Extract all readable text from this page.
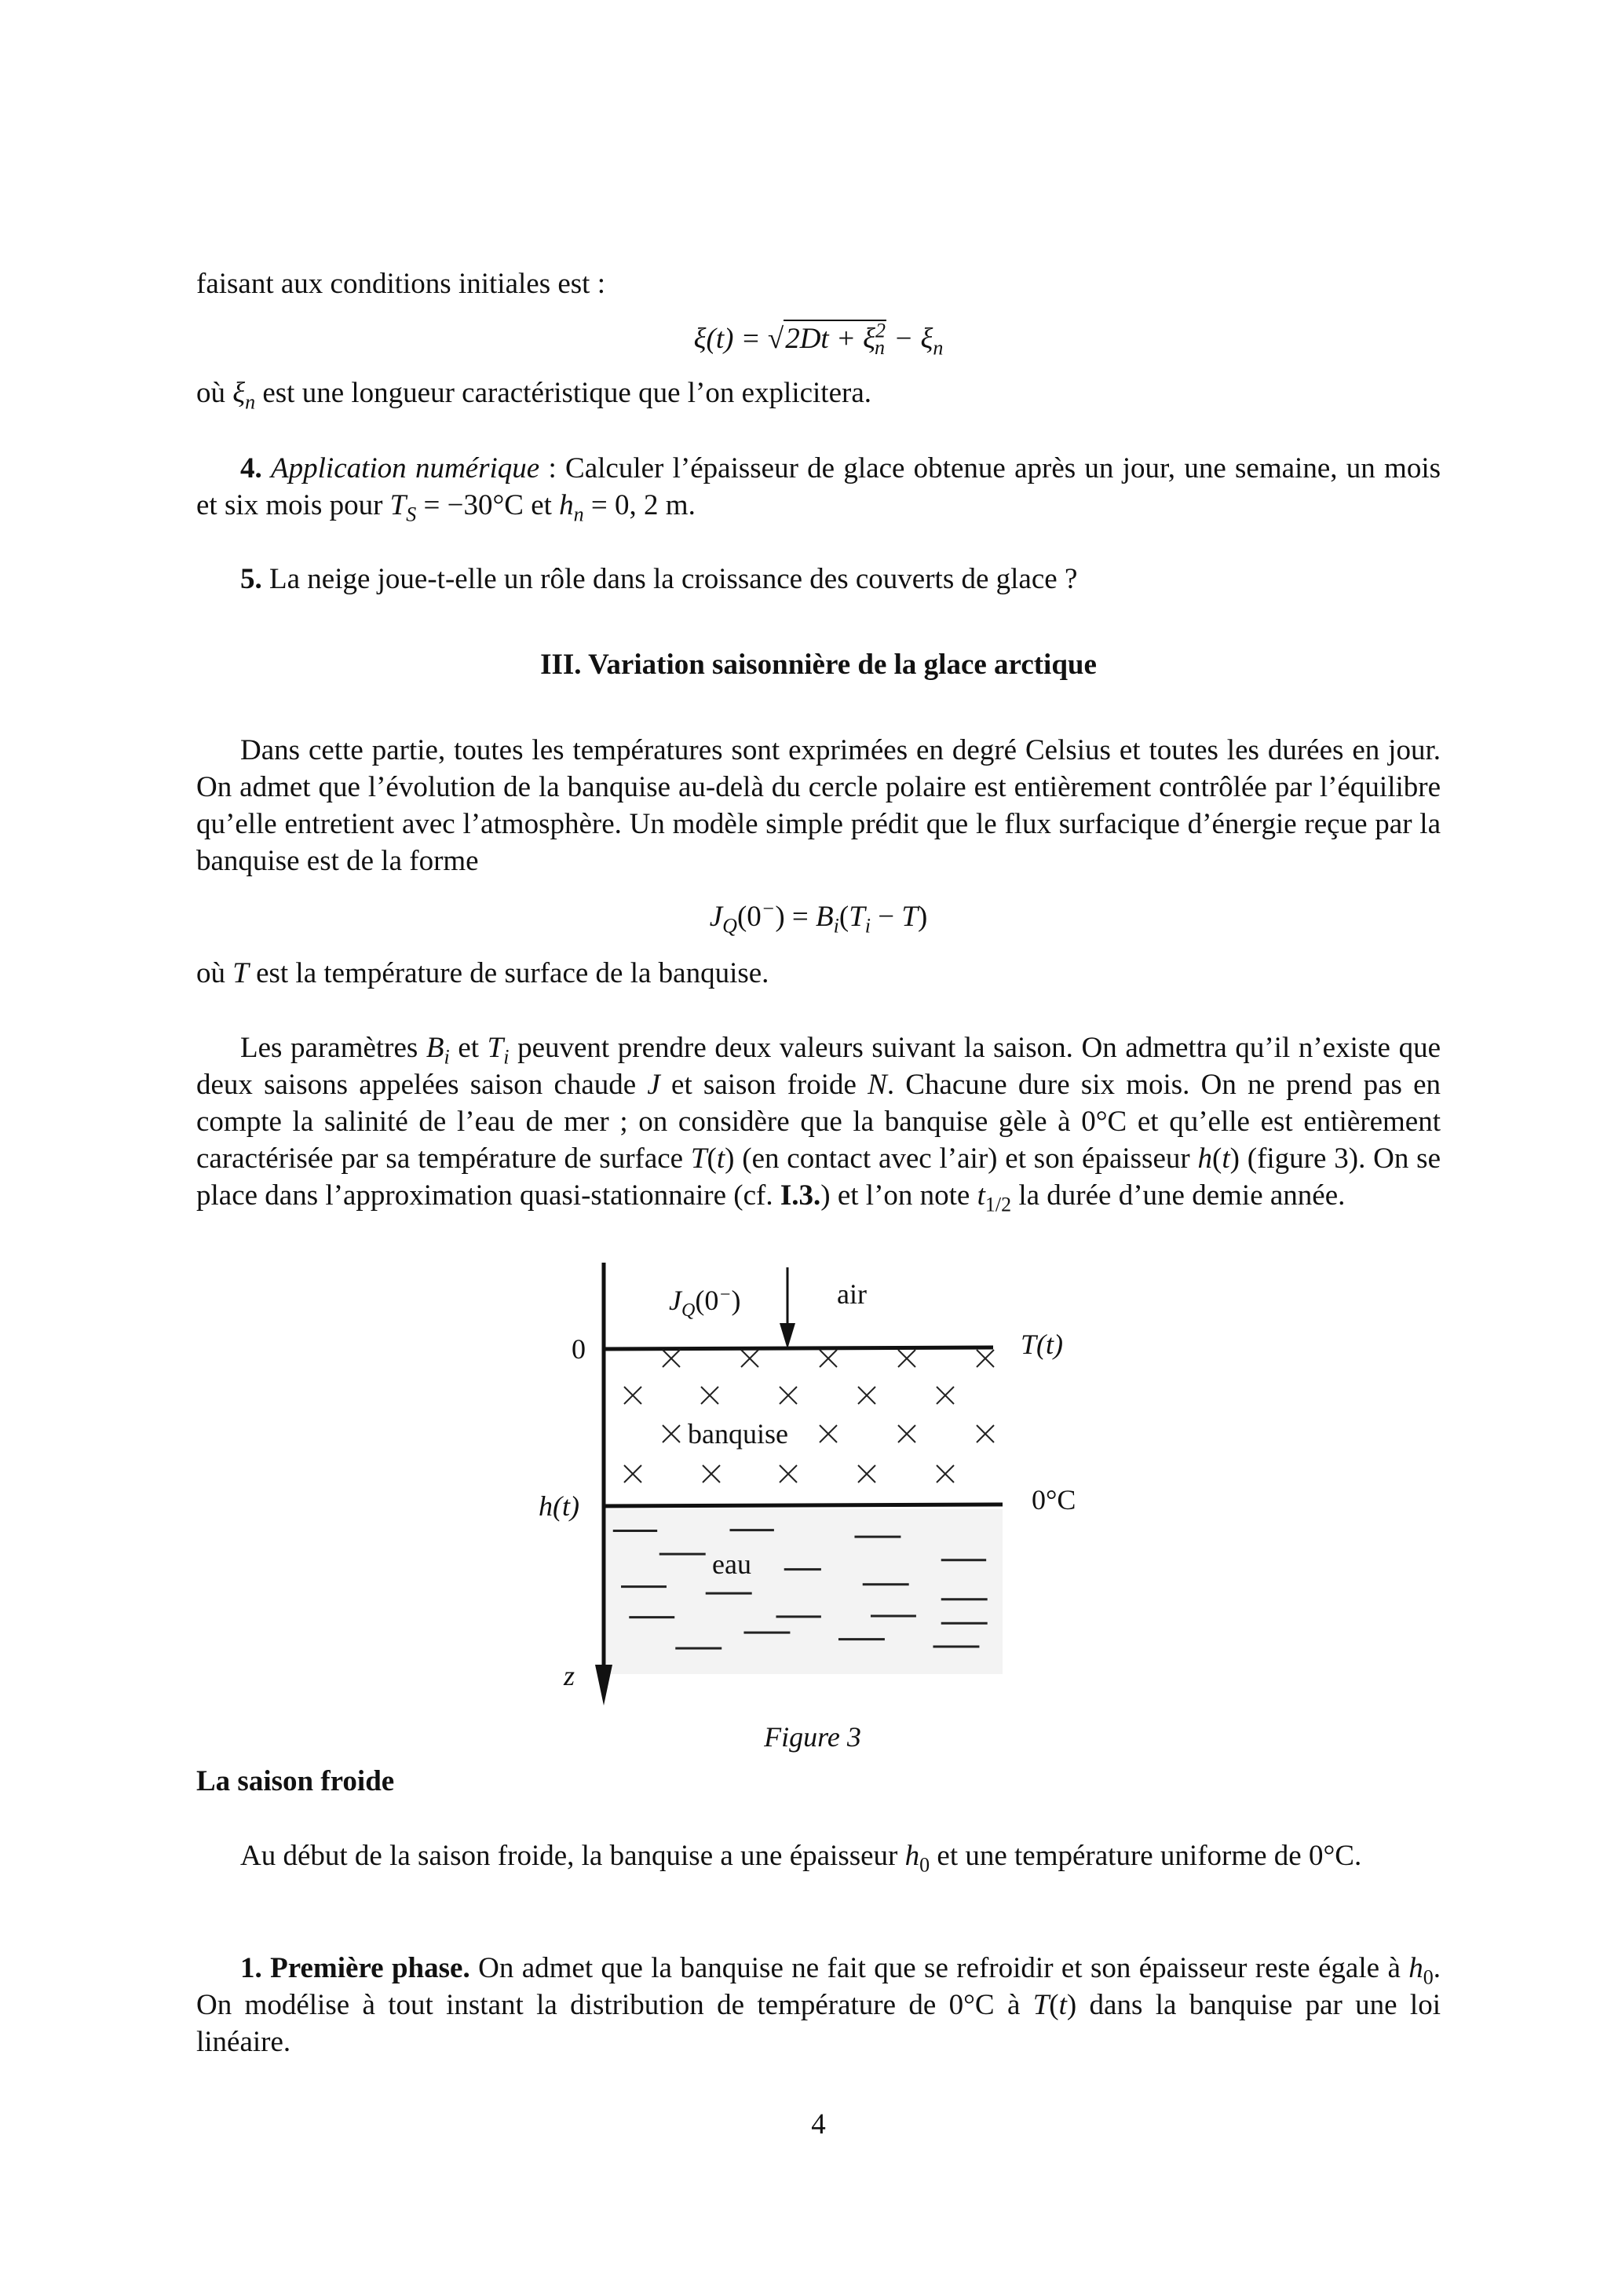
faisant aux conditions initiales est :
$\xi(t) = √2Dt + \xi^2_n - \xi_n$
où $\xi_n$ est une longueur caractéristique que l’on explicitera.
4. Application numérique : Calculer l’épaisseur de glace obtenue après un jour, une semaine, un mois et six mois pour $T_S = -30^\circ C$ et $h_n = 0$, 2 m.
5. La neige joue-t-elle un rôle dans la croissance des couverts de glace ?
III. Variation saisonnière de la glace arctique
Dans cette partie, toutes les températures sont exprimées en degré Celsius et toutes les durées en jour. On admet que l’évolution de la banquise au-delà du cercle polaire est entièrement contrôlée par l’équilibre qu’elle entretient avec l’atmosphère. Un modèle simple prédit que le flux surfacique d’énergie reçue par la banquise est de la forme
$J_Q(0^-) = B_i(T_i - T)$
où T est la température de surface de la banquise.
Les paramètres $B_i$ et $T_i$ peuvent prendre deux valeurs suivant la saison. On admettra qu’il n’existe que deux saisons appelées saison chaude J et saison froide N. Chacune dure six mois. On ne prend pas en compte la salinité de l’eau de mer ; on considère que la banquise gèle à 0°C et qu’elle est entièrement caractérisée par sa température de surface T(t) (en contact avec l’air) et son épaisseur h(t) (figure 3). On se place dans l’approximation quasi-stationnaire (cf. I.3.) et l’on note $t_{1/2}$ la durée d’une demie année.
$J_Q(0^-)$	air
0	T(t)
banquise
h(t)	0°C
eau
z
Figure 3
La saison froide
Au début de la saison froide, la banquise a une épaisseur $h_0$ et une température uniforme de 0°C.
1. Première phase. On admet que la banquise ne fait que se refroidir et son épaisseur reste égale à $h_0$. On modélise à tout instant la distribution de température de 0°C à T(t) dans la banquise par une loi linéaire.
4
